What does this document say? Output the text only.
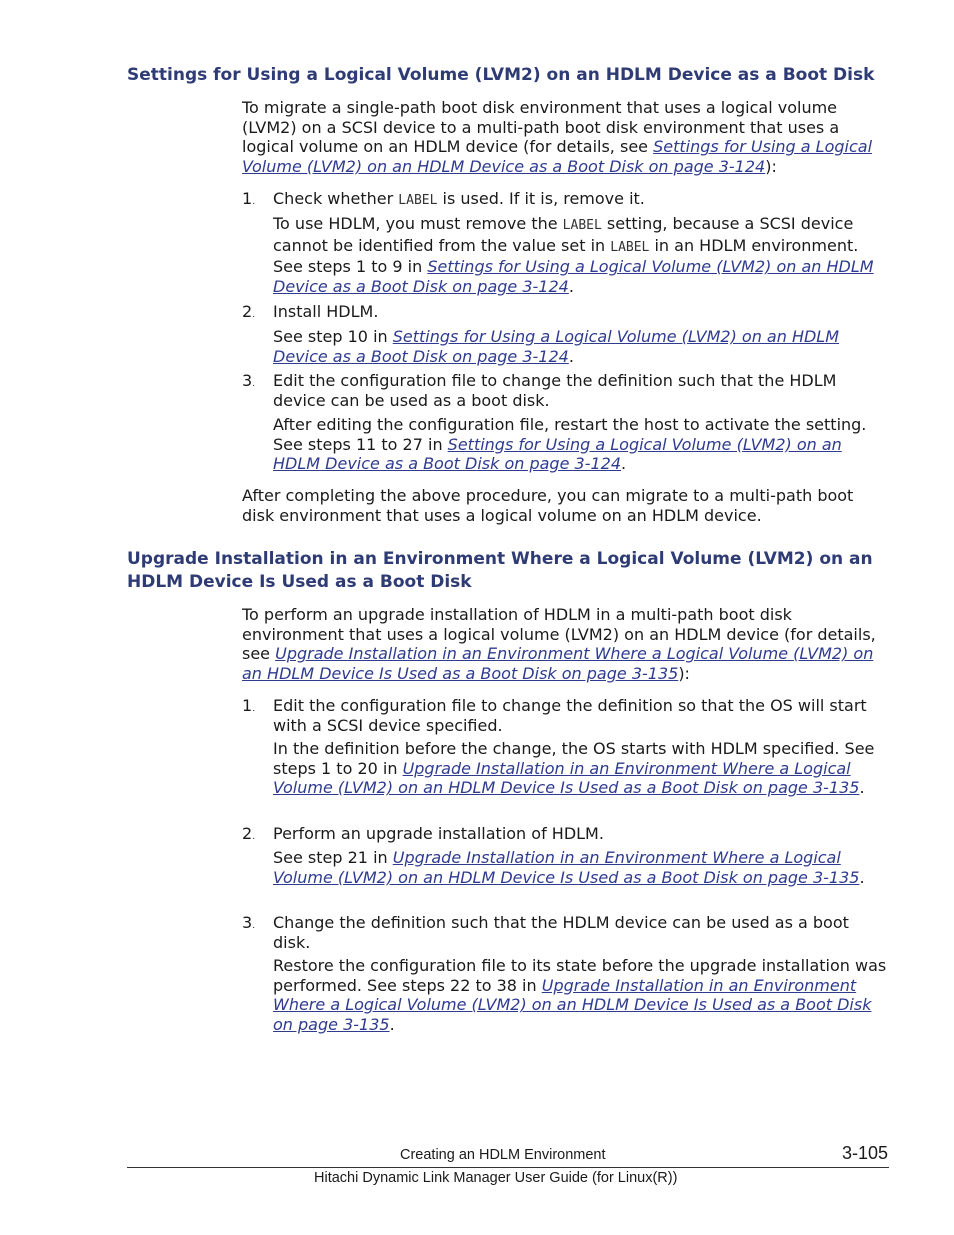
Settings for Using a Logical Volume (LVM2) on an HDLM Device as a Boot Disk

To migrate a single-path boot disk environment that uses a logical volume (LVM2) on a SCSI device to a multi-path boot disk environment that uses a logical volume on an HDLM device (for details, see Settings for Using a Logical Volume (LVM2) on an HDLM Device as a Boot Disk on page 3-124):

1. Check whether LABEL is used. If it is, remove it.

To use HDLM, you must remove the LABEL setting, because a SCSI device cannot be identified from the value set in LABEL in an HDLM environment. See steps 1 to 9 in Settings for Using a Logical Volume (LVM2) on an HDLM Device as a Boot Disk on page 3-124.

2. Install HDLM.

See step 10 in Settings for Using a Logical Volume (LVM2) on an HDLM Device as a Boot Disk on page 3-124.

3. Edit the configuration file to change the definition such that the HDLM device can be used as a boot disk.

After editing the configuration file, restart the host to activate the setting. See steps 11 to 27 in Settings for Using a Logical Volume (LVM2) on an HDLM Device as a Boot Disk on page 3-124.

After completing the above procedure, you can migrate to a multi-path boot disk environment that uses a logical volume on an HDLM device.

Upgrade Installation in an Environment Where a Logical Volume (LVM2) on an HDLM Device Is Used as a Boot Disk

To perform an upgrade installation of HDLM in a multi-path boot disk environment that uses a logical volume (LVM2) on an HDLM device (for details, see Upgrade Installation in an Environment Where a Logical Volume (LVM2) on an HDLM Device Is Used as a Boot Disk on page 3-135):

1. Edit the configuration file to change the definition so that the OS will start with a SCSI device specified.

In the definition before the change, the OS starts with HDLM specified. See steps 1 to 20 in Upgrade Installation in an Environment Where a Logical Volume (LVM2) on an HDLM Device Is Used as a Boot Disk on page 3-135.

2. Perform an upgrade installation of HDLM.

See step 21 in Upgrade Installation in an Environment Where a Logical Volume (LVM2) on an HDLM Device Is Used as a Boot Disk on page 3-135.

3. Change the definition such that the HDLM device can be used as a boot disk.

Restore the configuration file to its state before the upgrade installation was performed. See steps 22 to 38 in Upgrade Installation in an Environment Where a Logical Volume (LVM2) on an HDLM Device Is Used as a Boot Disk on page 3-135.

Creating an HDLM Environment	3-105
Hitachi Dynamic Link Manager User Guide (for Linux(R))
